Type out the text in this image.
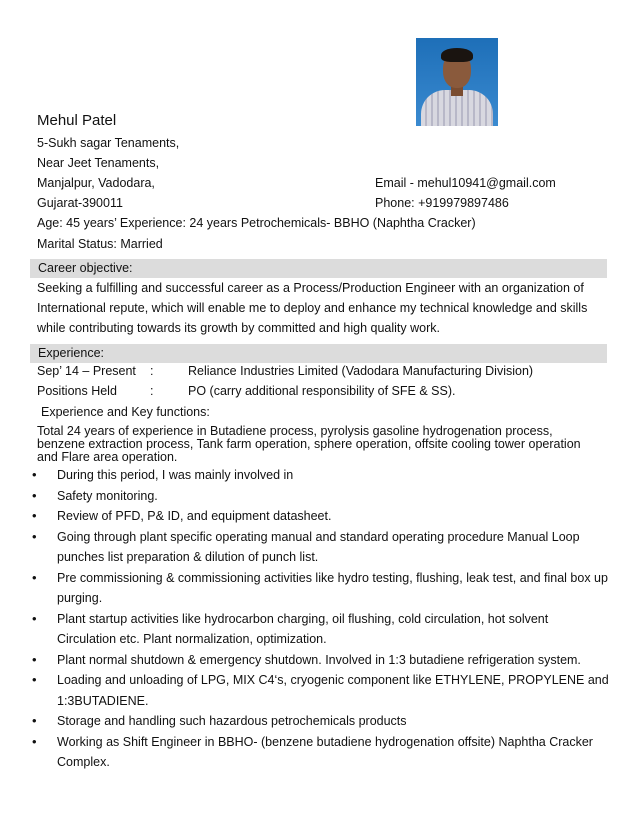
Mehul Patel
5-Sukh sagar Tenaments,
Near Jeet Tenaments,
Manjalpur, Vadodara,	Email - mehul10941@gmail.com
Gujarat-390011	Phone: +919979897486
Age: 45 years’ Experience: 24 years Petrochemicals- BBHO (Naphtha Cracker)
Marital Status: Married
Career objective:
Seeking a fulfilling and successful career as a Process/Production Engineer with an organization of
International repute, which will enable me to deploy and enhance my technical knowledge and skills
while contributing towards its growth by committed and high quality work.
Experience:
Sep’ 14 – Present :	Reliance Industries Limited (Vadodara Manufacturing Division)
Positions Held	:	PO (carry additional responsibility of SFE & SS).
Experience and Key functions:
Total 24 years of experience in Butadiene process, pyrolysis gasoline hydrogenation process,
benzene extraction process, Tank farm operation, sphere operation, offsite cooling tower operation
and Flare area operation.
• During this period, I was mainly involved in
• Safety monitoring.
• Review of PFD, P& ID, and equipment datasheet.
• Going through plant specific operating manual and standard operating procedure Manual Loop punches list preparation & dilution of punch list.
• Pre commissioning & commissioning activities like hydro testing, flushing, leak test, and final box up purging.
• Plant startup activities like hydrocarbon charging, oil flushing, cold circulation, hot solvent Circulation etc. Plant normalization, optimization.
• Plant normal shutdown & emergency shutdown. Involved in 1:3 butadiene refrigeration system.
• Loading and unloading of LPG, MIX C4‘s, cryogenic component like ETHYLENE, PROPYLENE and 1:3BUTADIENE.
• Storage and handling such hazardous petrochemicals products
• Working as Shift Engineer in BBHO- (benzene butadiene hydrogenation offsite) Naphtha Cracker Complex.
